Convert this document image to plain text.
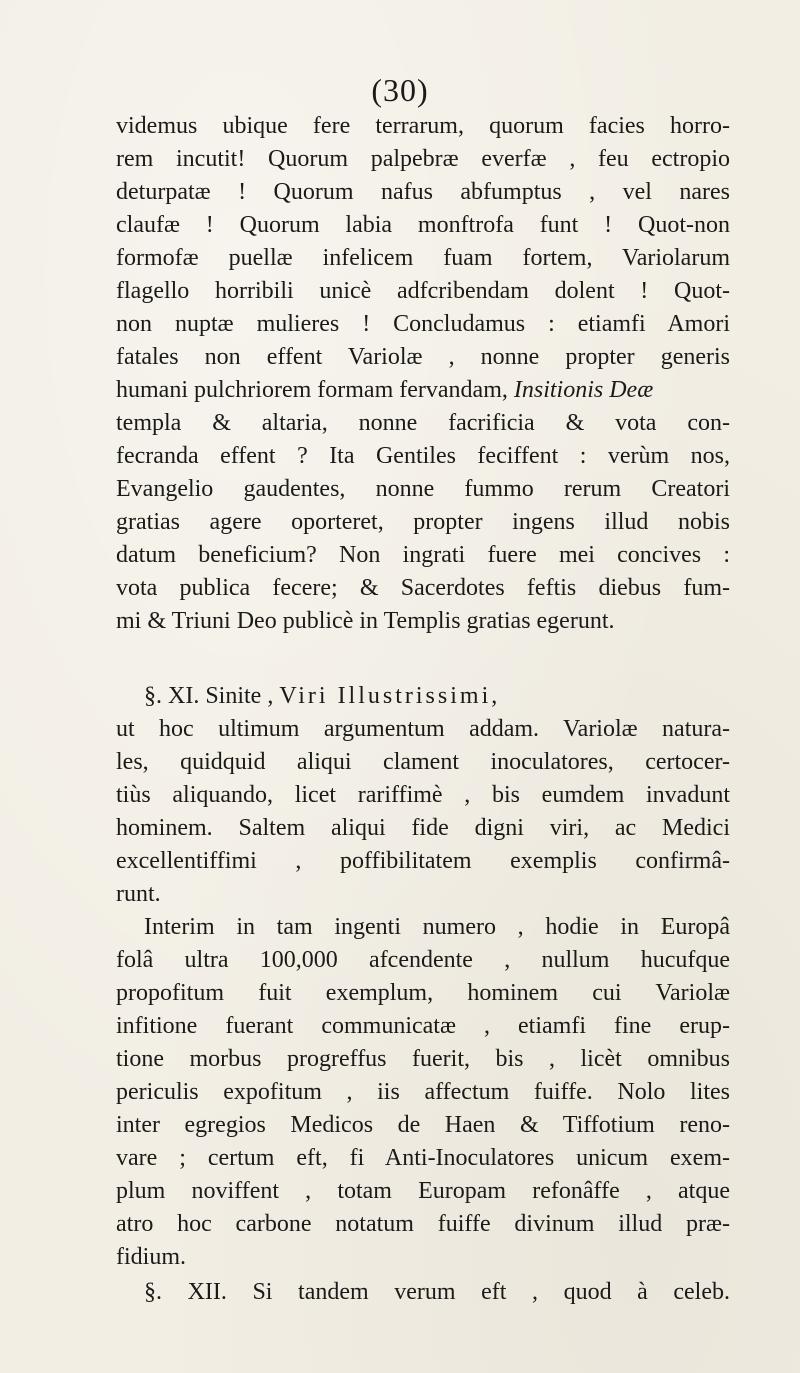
(30)
videmus ubique fere terrarum, quorum facies horro-
rem incutit! Quorum palpebræ everfæ , feu ectropio
deturpatæ ! Quorum nafus abfumptus , vel nares
claufæ ! Quorum labia monftrofa funt ! Quot-non
formofæ puellæ infelicem fuam fortem, Variolarum
flagello horribili unicè adfcribendam dolent ! Quot-
non nuptæ mulieres ! Concludamus : etiamfi Amori
fatales non effent Variolæ , nonne propter generis
humani pulchriorem formam fervandam, Insitionis Deæ
templa & altaria, nonne facrificia & vota con-
fecranda effent ? Ita Gentiles feciffent : verùm nos,
Evangelio gaudentes, nonne fummo rerum Creatori
gratias agere oporteret, propter ingens illud nobis
datum beneficium? Non ingrati fuere mei concives :
vota publica fecere; & Sacerdotes feftis diebus fum-
mi & Triuni Deo publicè in Templis gratias egerunt.
§. XI. Sinite , Viri Illustrissimi,
ut hoc ultimum argumentum addam. Variolæ natura-
les, quidquid aliqui clament inoculatores, certocer-
tiùs aliquando, licet rariffimè , bis eumdem invadunt
hominem. Saltem aliqui fide digni viri, ac Medici
excellentiffimi , poffibilitatem exemplis confirmâ-
runt.
Interim in tam ingenti numero , hodie in Europâ
folâ ultra 100,000 afcendente , nullum hucufque
propofitum fuit exemplum, hominem cui Variolæ
infitione fuerant communicatæ , etiamfi fine erup-
tione morbus progreffus fuerit, bis , licèt omnibus
periculis expofitum , iis affectum fuiffe. Nolo lites
inter egregios Medicos de Haen & Tiffotium reno-
vare ; certum eft, fi Anti-Inoculatores unicum exem-
plum noviffent , totam Europam refonâffe , atque
atro hoc carbone notatum fuiffe divinum illud præ-
fidium.
§. XII. Si tandem verum eft , quod à celeb.
